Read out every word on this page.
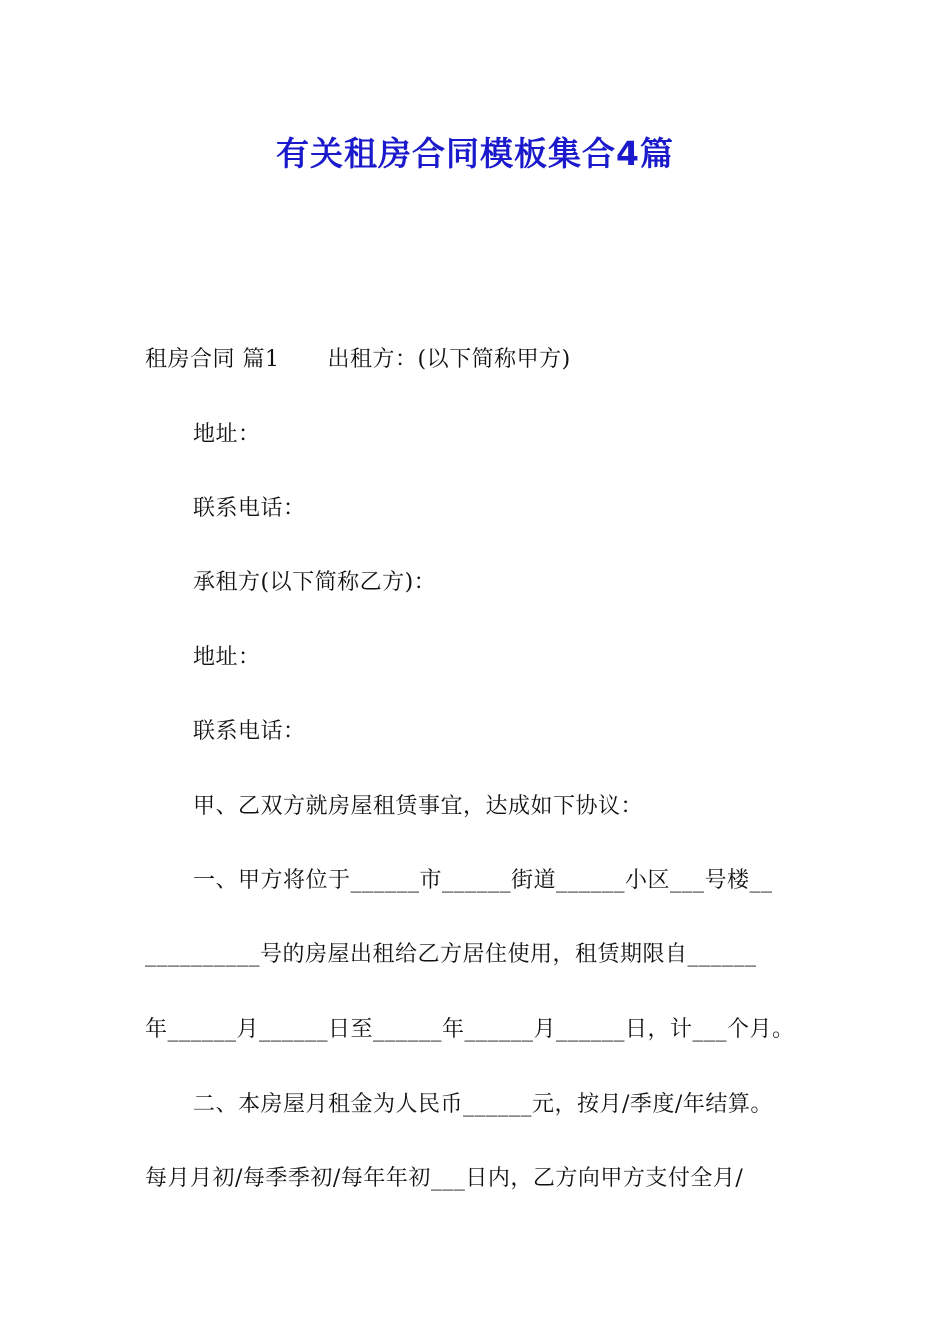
有关租房合同模板集合4篇
租房合同 篇1 出租方：(以下简称甲方)
地址：
联系电话：
承租方(以下简称乙方)：
地址：
联系电话：
甲、乙双方就房屋租赁事宜，达成如下协议：
一、甲方将位于______市______街道______小区___号楼__
__________号的房屋出租给乙方居住使用，租赁期限自______
年______月______日至______年______月______日，计___个月。
二、本房屋月租金为人民币______元，按月/季度/年结算。
每月月初/每季季初/每年年初___日内，乙方向甲方支付全月/
